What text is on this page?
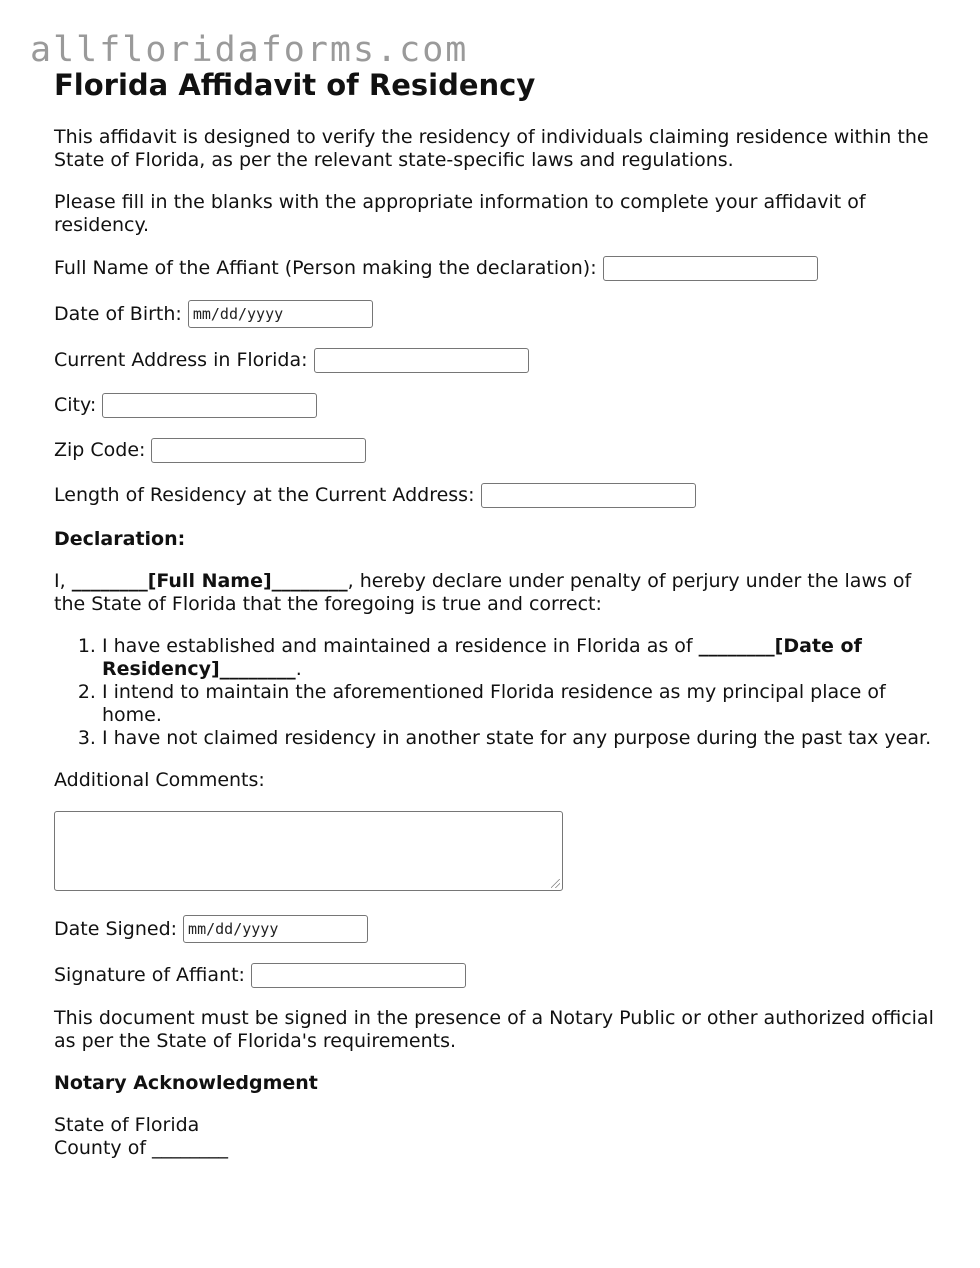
allfloridaforms.com
Florida Affidavit of Residency

This affidavit is designed to verify the residency of individuals claiming residence within the State of Florida, as per the relevant state-specific laws and regulations.

Please fill in the blanks with the appropriate information to complete your affidavit of residency.

Full Name of the Affiant (Person making the declaration):
Date of Birth: mm/dd/yyyy
Current Address in Florida:
City:
Zip Code:
Length of Residency at the Current Address:

Declaration:

I, ________[Full Name]________, hereby declare under penalty of perjury under the laws of the State of Florida that the foregoing is true and correct:

1. I have established and maintained a residence in Florida as of ________[Date of Residency]________.
2. I intend to maintain the aforementioned Florida residence as my principal place of home.
3. I have not claimed residency in another state for any purpose during the past tax year.

Additional Comments:

Date Signed: mm/dd/yyyy
Signature of Affiant:

This document must be signed in the presence of a Notary Public or other authorized official as per the State of Florida's requirements.

Notary Acknowledgment

State of Florida
County of ________
